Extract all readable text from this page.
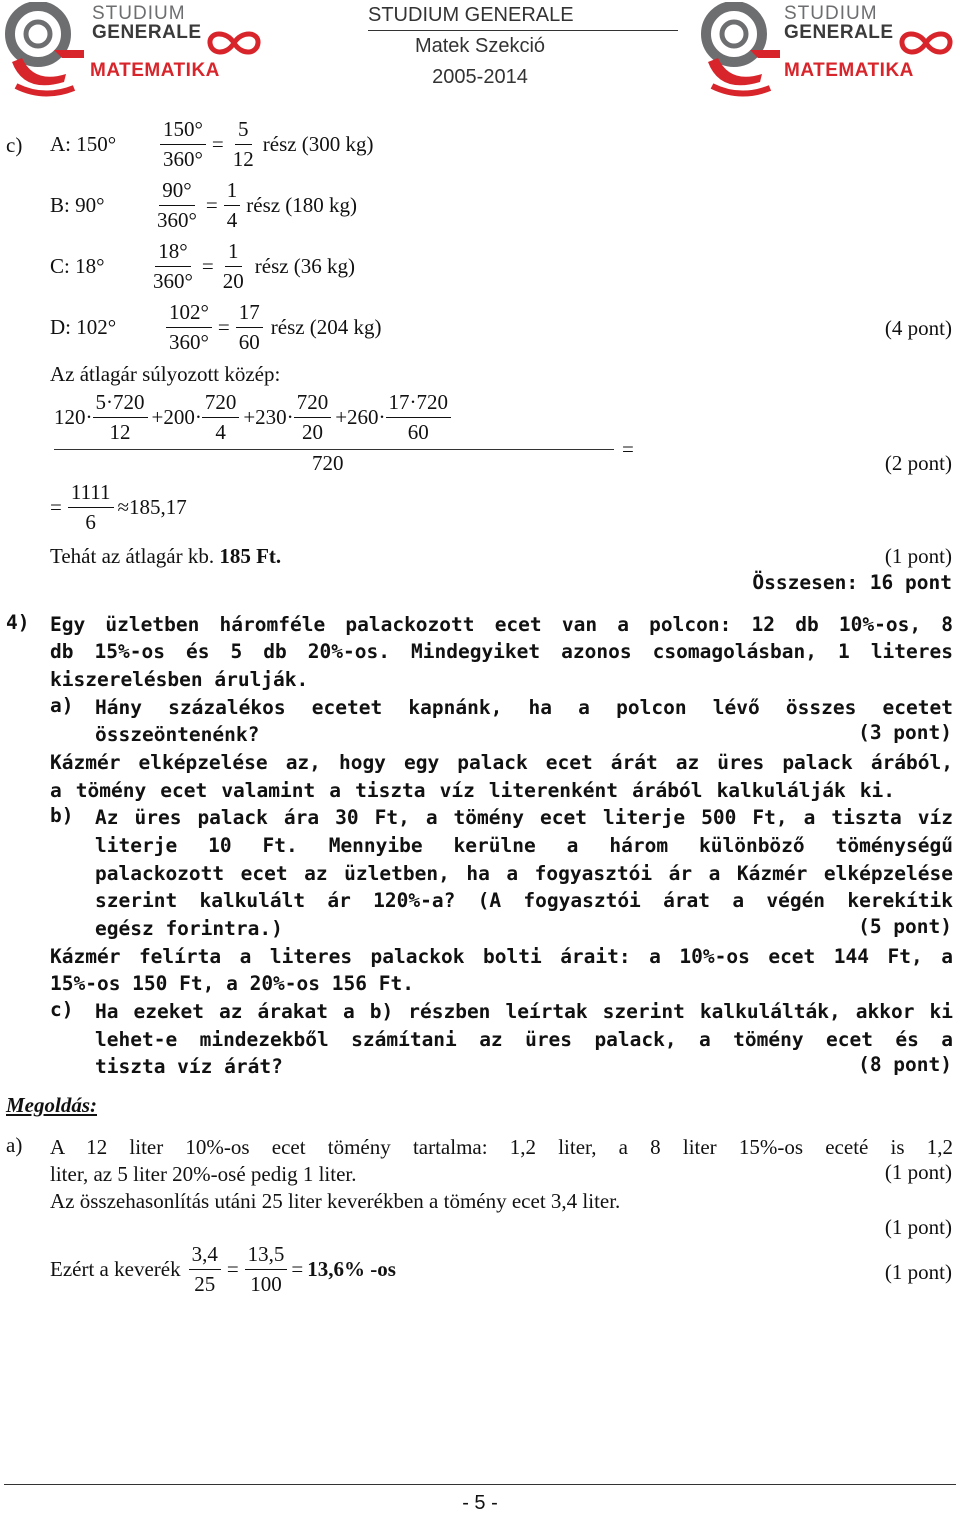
STUDIUM
GENERALE
MATEMATIKA
STUDIUM GENERALE
Matek Szekció
2005-2014
STUDIUM
GENERALE
MATEMATIKA
c) A: 150°	$\frac{150^\circ}{360^\circ} = \frac{5}{12}$ rész (300 kg)
B: 90°	$\frac{90^\circ}{360^\circ} = \frac{1}{4}$ rész (180 kg)
C: 18°	$\frac{18^\circ}{360^\circ} = \frac{1}{20}$ rész (36 kg)
D: 102°	$\frac{102^\circ}{360^\circ} = \frac{17}{60}$ rész (204 kg)	(4 pont)
Az átlagár súlyozott közép:
$120\cdot \frac{5\cdot 720}{12} +200\cdot \frac{720}{4} +230\cdot \frac{720}{20} +260\cdot \frac{17\cdot 720}{60}$
=
720	(2 pont)
= $\frac{1111}{6} \approx 185,17$
Tehát az átlagár kb. 185 Ft.	(1 pont)
Összesen: 16 pont
4) Egy üzletben háromféle palackozott ecet van a polcon: 12 db 10%-os, 8
db 15%-os és 5 db 20%-os. Mindegyiket azonos csomagolásban, 1 literes
kiszerelésben árulják.
a) Hány százalékos ecetet kapnánk, ha a polcon lévő összes ecetet
összeöntenénk?	(3 pont)
Kázmér elképzelése az, hogy egy palack ecet árát az üres palack árából,
a tömény ecet valamint a tiszta víz literenként árából kalkulálják ki.
b) Az üres palack ára 30 Ft, a tömény ecet literje 500 Ft, a tiszta víz
literje 10 Ft. Mennyibe kerülne a három különböző töménységű
palackozott ecet az üzletben, ha a fogyasztói ár a Kázmér elképzelése
szerint kalkulált ár 120%-a? (A fogyasztói árat a végén kerekítik
egész forintra.)	(5 pont)
Kázmér felírta a literes palackok bolti árait: a 10%-os ecet 144 Ft, a
15%-os 150 Ft, a 20%-os 156 Ft.
c) Ha ezeket az árakat a b) részben leírtak szerint kalkulálták, akkor ki
lehet-e mindezekből számítani az üres palack, a tömény ecet és a
tiszta víz árát?	(8 pont)
Megoldás:
a) A 12 liter 10%-os ecet tömény tartalma: 1,2 liter, a 8 liter 15%-os eceté is 1,2
liter, az 5 liter 20%-osé pedig 1 liter.	(1 pont)
Az összehasonlítás utáni 25 liter keverékben a tömény ecet 3,4 liter.
(1 pont)
Ezért a keverék $\frac{3,4}{25} = \frac{13,5}{100} = 13,6\%$ -os	(1 pont)
- 5 -
